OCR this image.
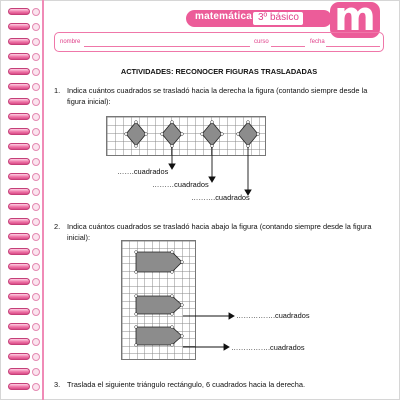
matemática 3º básico m
nombre	curso	fecha
ACTIVIDADES: RECONOCER FIGURAS TRASLADADAS
1. Indica cuántos cuadrados se trasladó hacia la derecha la figura (contando siempre desde la figura inicial):
2. Indica cuántos cuadrados se trasladó hacia abajo la figura (contando siempre desde la figura inicial):
…….cuadrados
………cuadrados
……….cuadrados
…………….cuadrados
…………….cuadrados
3. Traslada el siguiente triángulo rectángulo, 6 cuadrados hacia la derecha.
